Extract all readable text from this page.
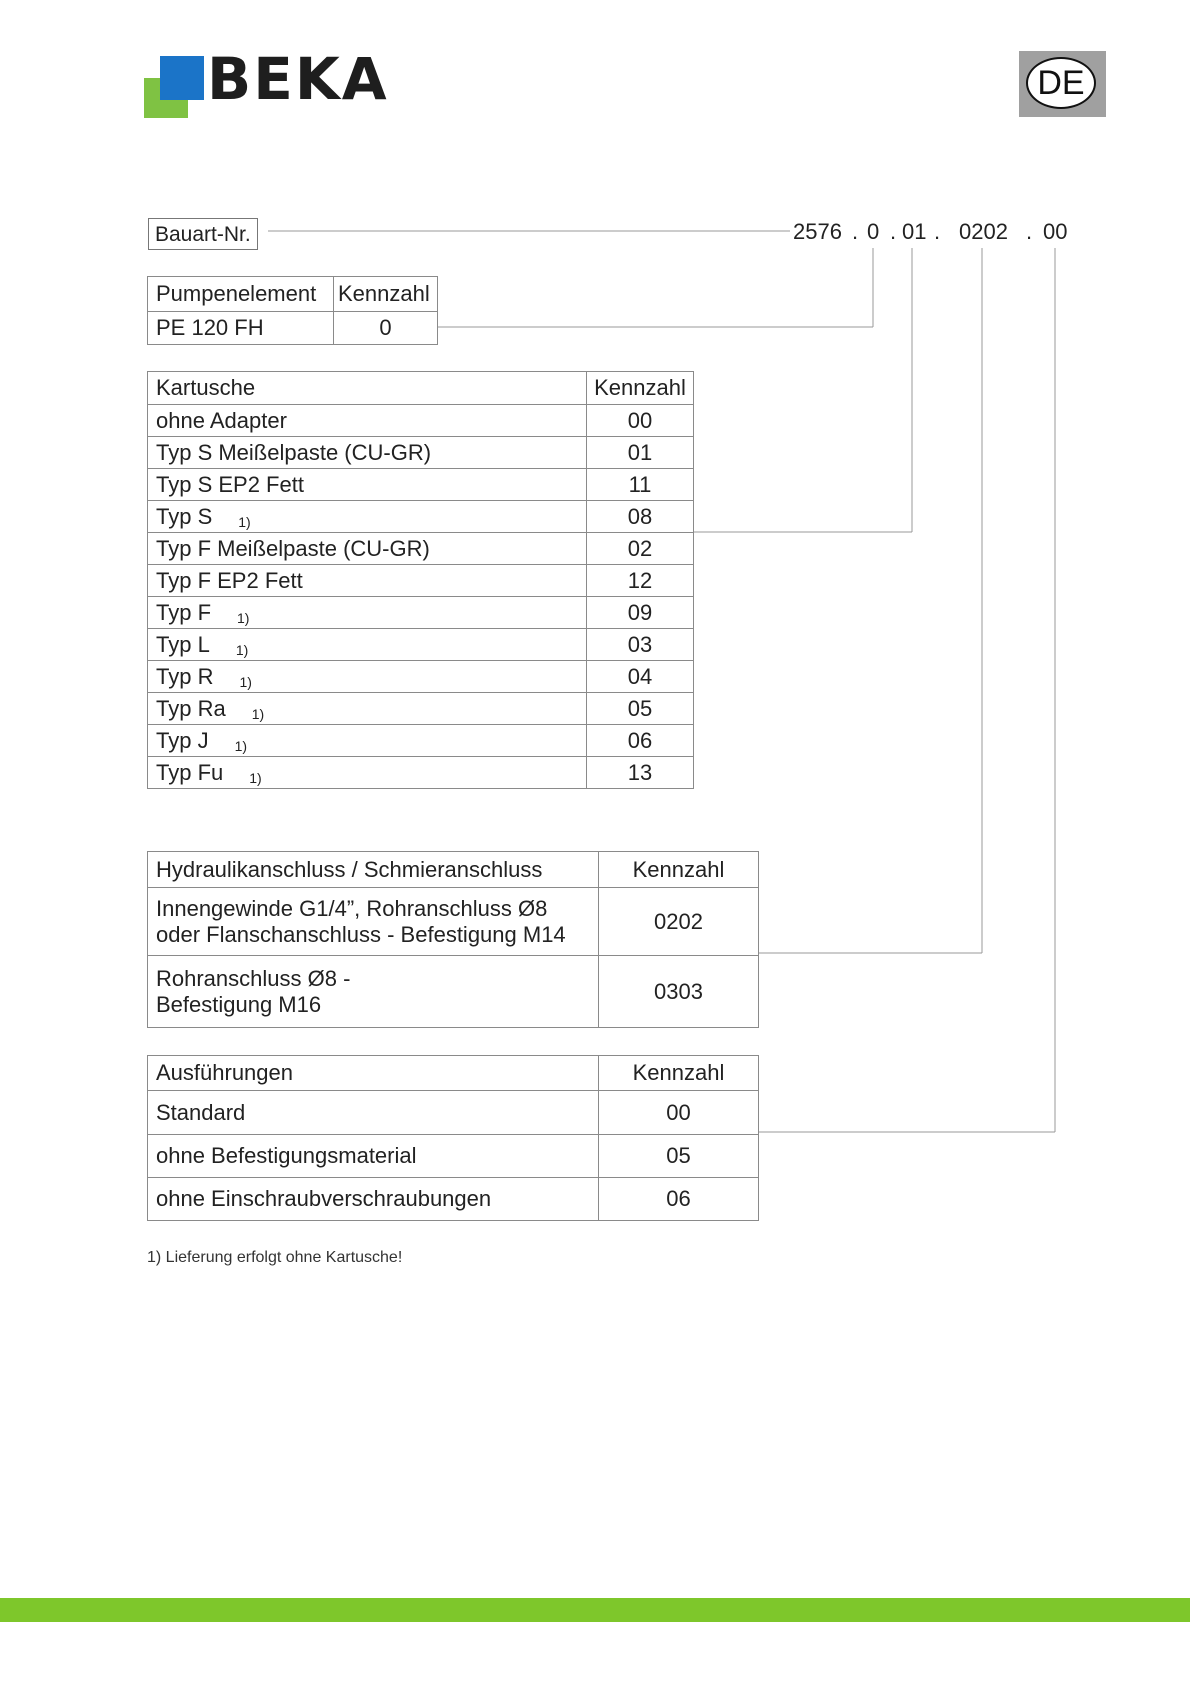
BEKA	DE
Bauart-Nr.	2576 . 0 . 01 . 0202 . 00
Pumpenelement	Kennzahl
PE 120 FH	0
Kartusche	Kennzahl
ohne Adapter	00
Typ S Meißelpaste (CU-GR)	01
Typ S EP2 Fett	11
Typ S 1)	08
Typ F Meißelpaste (CU-GR)	02
Typ F EP2 Fett	12
Typ F 1)	09
Typ L 1)	03
Typ R 1)	04
Typ Ra 1)	05
Typ J 1)	06
Typ Fu 1)	13
Hydraulikanschluss / Schmieranschluss	Kennzahl

Innengewinde G1/4”, Rohranschluss Ø8
oder Flanschanschluss - Befestigung M14	0202

Rohranschluss Ø8 -
Befestigung M16	0303
Ausführungen	Kennzahl
Standard	00
ohne Befestigungsmaterial	05
ohne Einschraubverschraubungen	06
1) Lieferung erfolgt ohne Kartusche!
